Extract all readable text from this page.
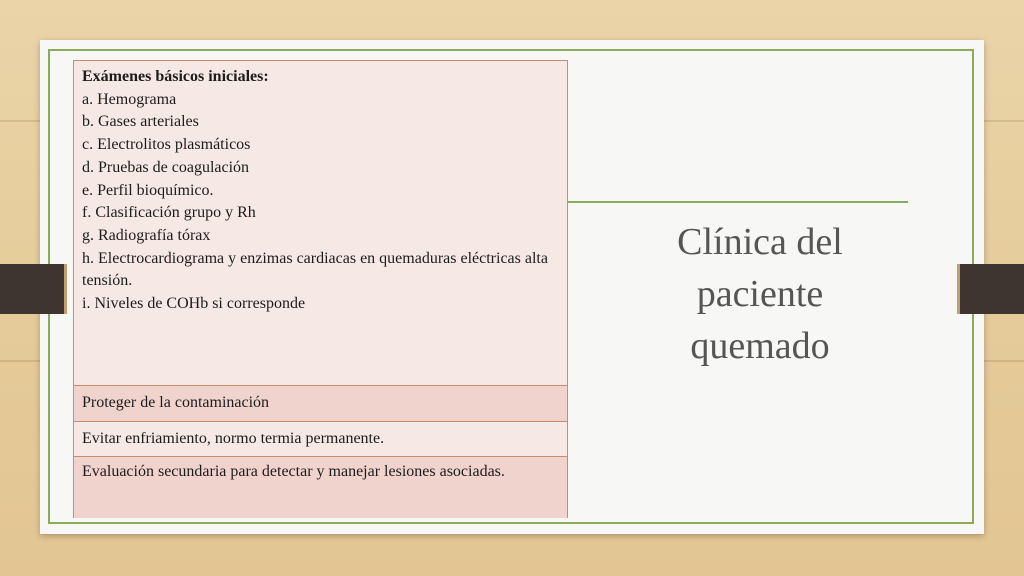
Exámenes básicos iniciales:
a. Hemograma
b. Gases arteriales
c. Electrolitos plasmáticos
d. Pruebas de coagulación
e. Perfil bioquímico.
f. Clasificación grupo y Rh
g. Radiografía tórax
h. Electrocardiograma y enzimas cardiacas en quemaduras eléctricas alta tensión.
i. Niveles de COHb si corresponde
Proteger de la contaminación
Evitar enfriamiento, normo termia permanente.
Evaluación secundaria para detectar y manejar lesiones asociadas.
Clínica del
paciente
quemado
